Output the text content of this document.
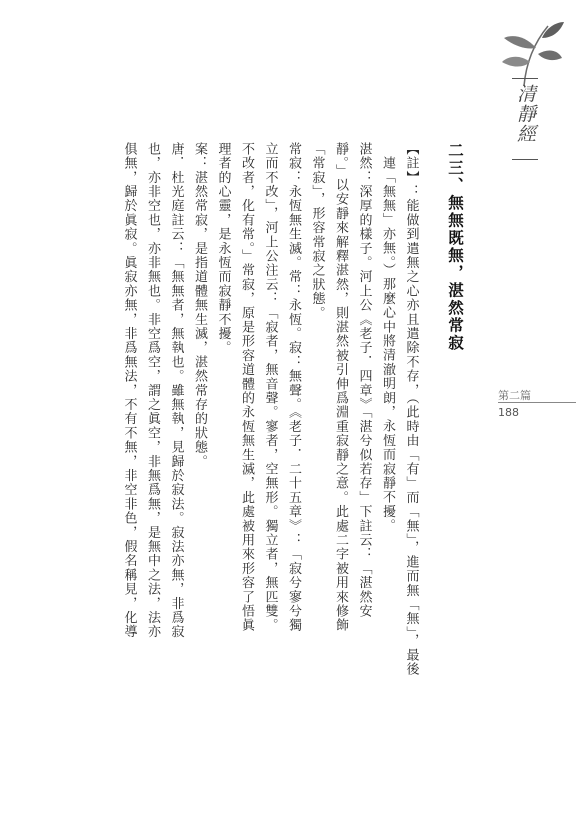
清靜經
第二篇
188
二三、無無既無，湛然常寂
【註】：能做到遣無之心亦且遣除不存，（此時由「有」而「無」，進而無「無」，最後
連「無無」亦無。）那麼心中將清澈明朗，永恆而寂靜不擾。
湛然：深厚的樣子。河上公《老子．四章》「湛兮似若存」下註云：「湛然安
靜。」以安靜來解釋湛然，則湛然被引伸爲淵重寂靜之意。此處二字被用來修飾
「常寂」，形容常寂之狀態。
常寂：永恆無生滅。常：永恆。寂：無聲。《老子．二十五章》：「寂兮寥兮獨
立而不改」，河上公注云：「寂者，無音聲。寥者，空無形。獨立者，無匹雙。
不改者，化有常。」常寂，原是形容道體的永恆無生滅，此處被用來形容了悟眞
理者的心靈，是永恆而寂靜不擾。
案：湛然常寂，是指道體無生滅，湛然常存的狀態。
唐．杜光庭註云：「無無者，無執也。雖無執，見歸於寂法。寂法亦無，非爲寂
也，亦非空也，亦非無也。非空爲空，謂之眞空，非無爲無，是無中之法，法亦
俱無，歸於眞寂。眞寂亦無，非爲無法，不有不無，非空非色，假名稱見，化導
